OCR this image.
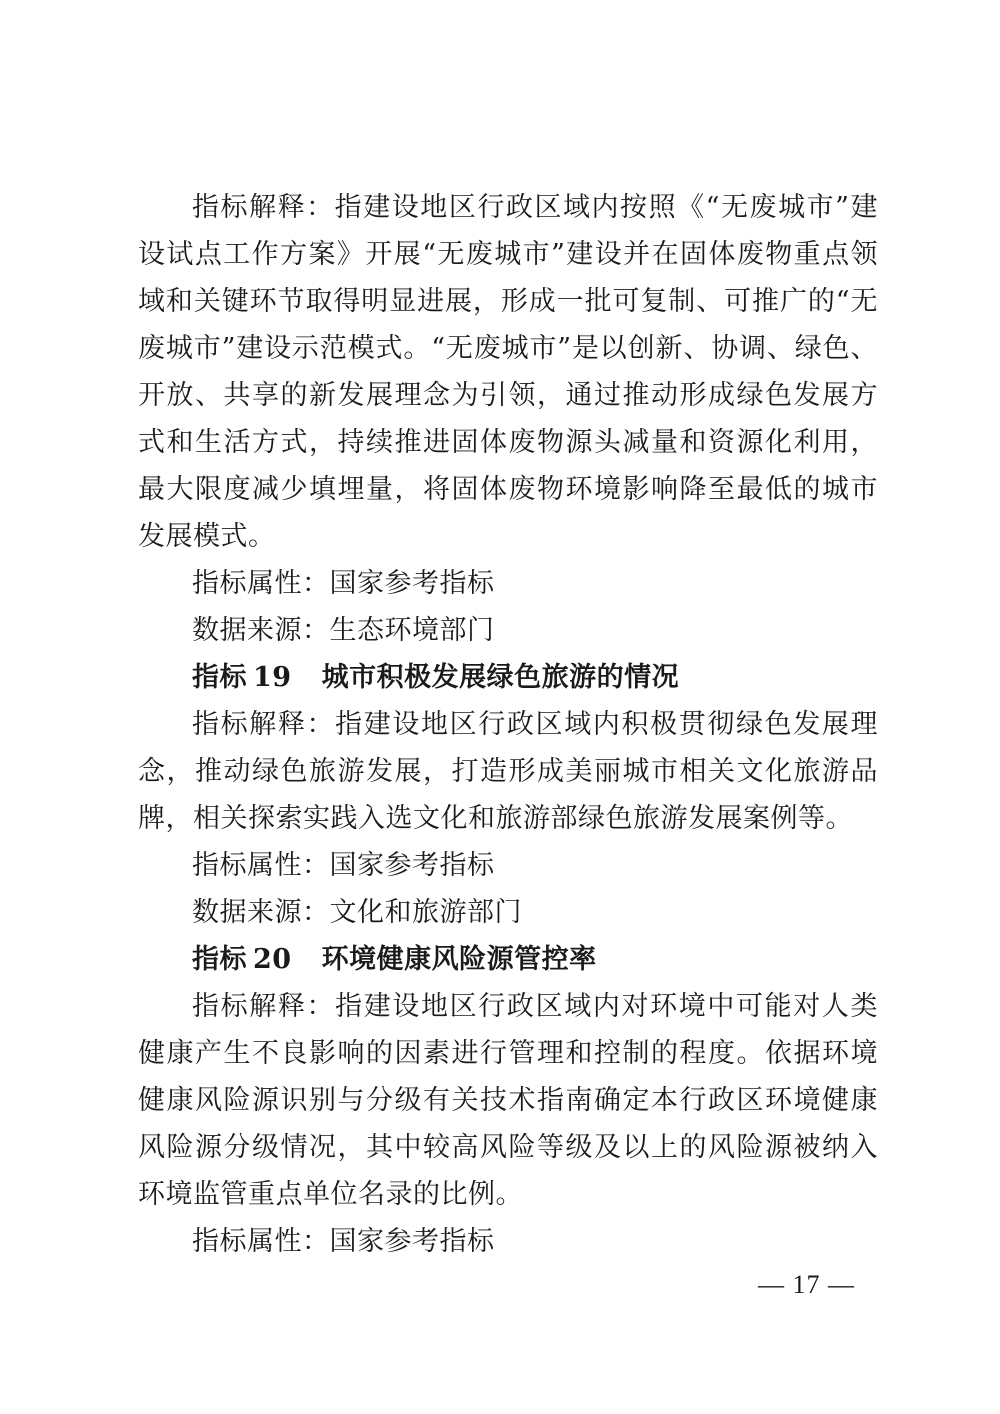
指标解释：指建设地区行政区域内按照《“无废城市”建设试点工作方案》开展“无废城市”建设并在固体废物重点领域和关键环节取得明显进展，形成一批可复制、可推广的“无废城市”建设示范模式。“无废城市”是以创新、协调、绿色、开放、共享的新发展理念为引领，通过推动形成绿色发展方式和生活方式，持续推进固体废物源头减量和资源化利用，最大限度减少填埋量，将固体废物环境影响降至最低的城市发展模式。

指标属性：国家参考指标

数据来源：生态环境部门

指标 19 城市积极发展绿色旅游的情况

指标解释：指建设地区行政区域内积极贯彻绿色发展理念，推动绿色旅游发展，打造形成美丽城市相关文化旅游品牌，相关探索实践入选文化和旅游部绿色旅游发展案例等。

指标属性：国家参考指标

数据来源：文化和旅游部门

指标 20 环境健康风险源管控率

指标解释：指建设地区行政区域内对环境中可能对人类健康产生不良影响的因素进行管理和控制的程度。依据环境健康风险源识别与分级有关技术指南确定本行政区环境健康风险源分级情况，其中较高风险等级及以上的风险源被纳入环境监管重点单位名录的比例。

指标属性：国家参考指标

— 17 —
